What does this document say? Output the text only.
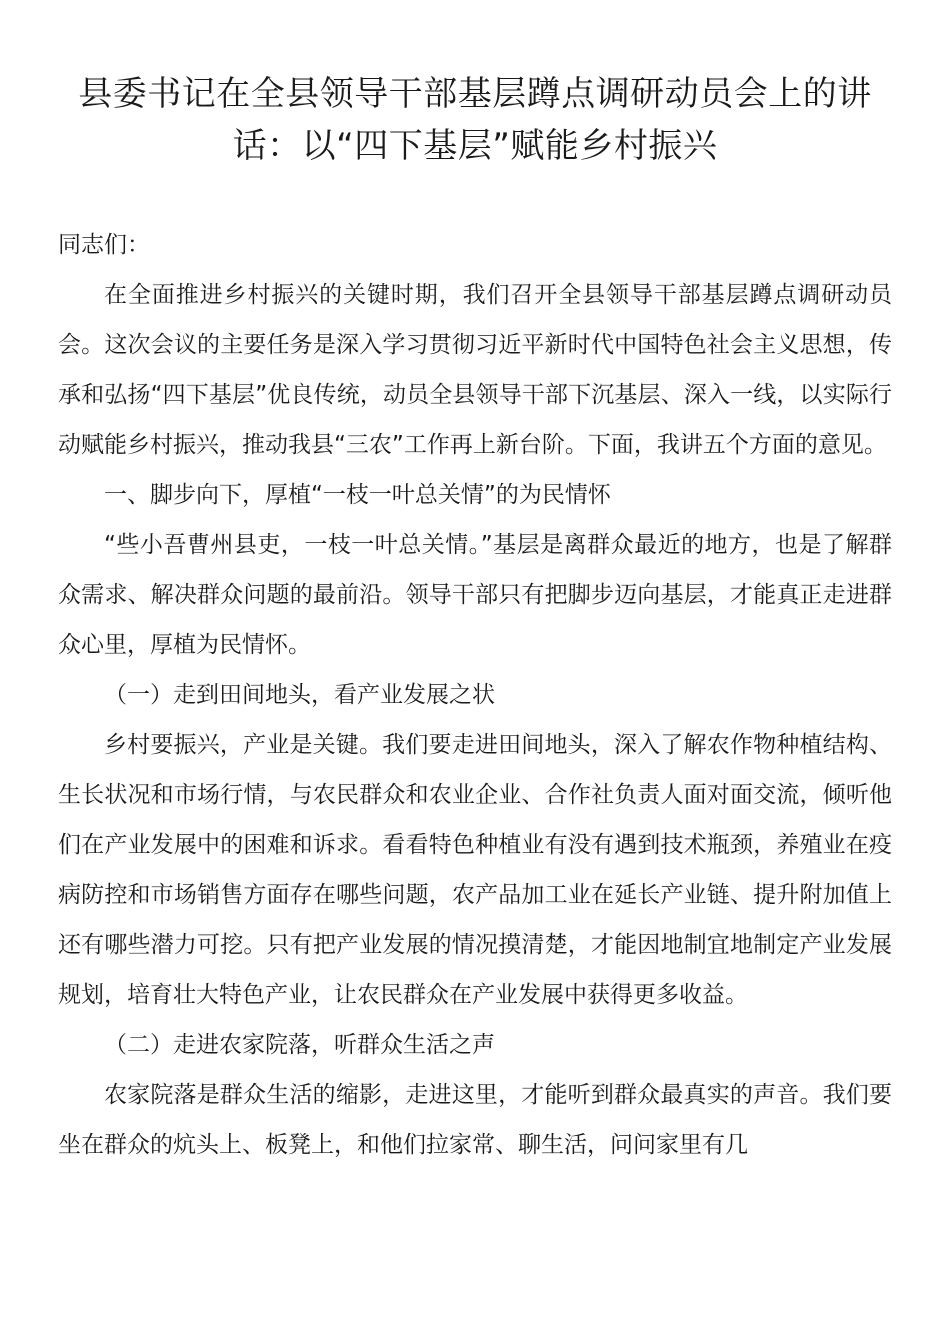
县委书记在全县领导干部基层蹲点调研动员会上的讲话：以“四下基层”赋能乡村振兴

同志们：

在全面推进乡村振兴的关键时期，我们召开全县领导干部基层蹲点调研动员会。这次会议的主要任务是深入学习贯彻习近平新时代中国特色社会主义思想，传承和弘扬“四下基层”优良传统，动员全县领导干部下沉基层、深入一线，以实际行动赋能乡村振兴，推动我县“三农”工作再上新台阶。下面，我讲五个方面的意见。

一、脚步向下，厚植“一枝一叶总关情”的为民情怀

“些小吾曹州县吏，一枝一叶总关情。”基层是离群众最近的地方，也是了解群众需求、解决群众问题的最前沿。领导干部只有把脚步迈向基层，才能真正走进群众心里，厚植为民情怀。

（一）走到田间地头，看产业发展之状

乡村要振兴，产业是关键。我们要走进田间地头，深入了解农作物种植结构、生长状况和市场行情，与农民群众和农业企业、合作社负责人面对面交流，倾听他们在产业发展中的困难和诉求。看看特色种植业有没有遇到技术瓶颈，养殖业在疫病防控和市场销售方面存在哪些问题，农产品加工业在延长产业链、提升附加值上还有哪些潜力可挖。只有把产业发展的情况摸清楚，才能因地制宜地制定产业发展规划，培育壮大特色产业，让农民群众在产业发展中获得更多收益。

（二）走进农家院落，听群众生活之声

农家院落是群众生活的缩影，走进这里，才能听到群众最真实的声音。我们要坐在群众的炕头上、板凳上，和他们拉家常、聊生活，问问家里有几
